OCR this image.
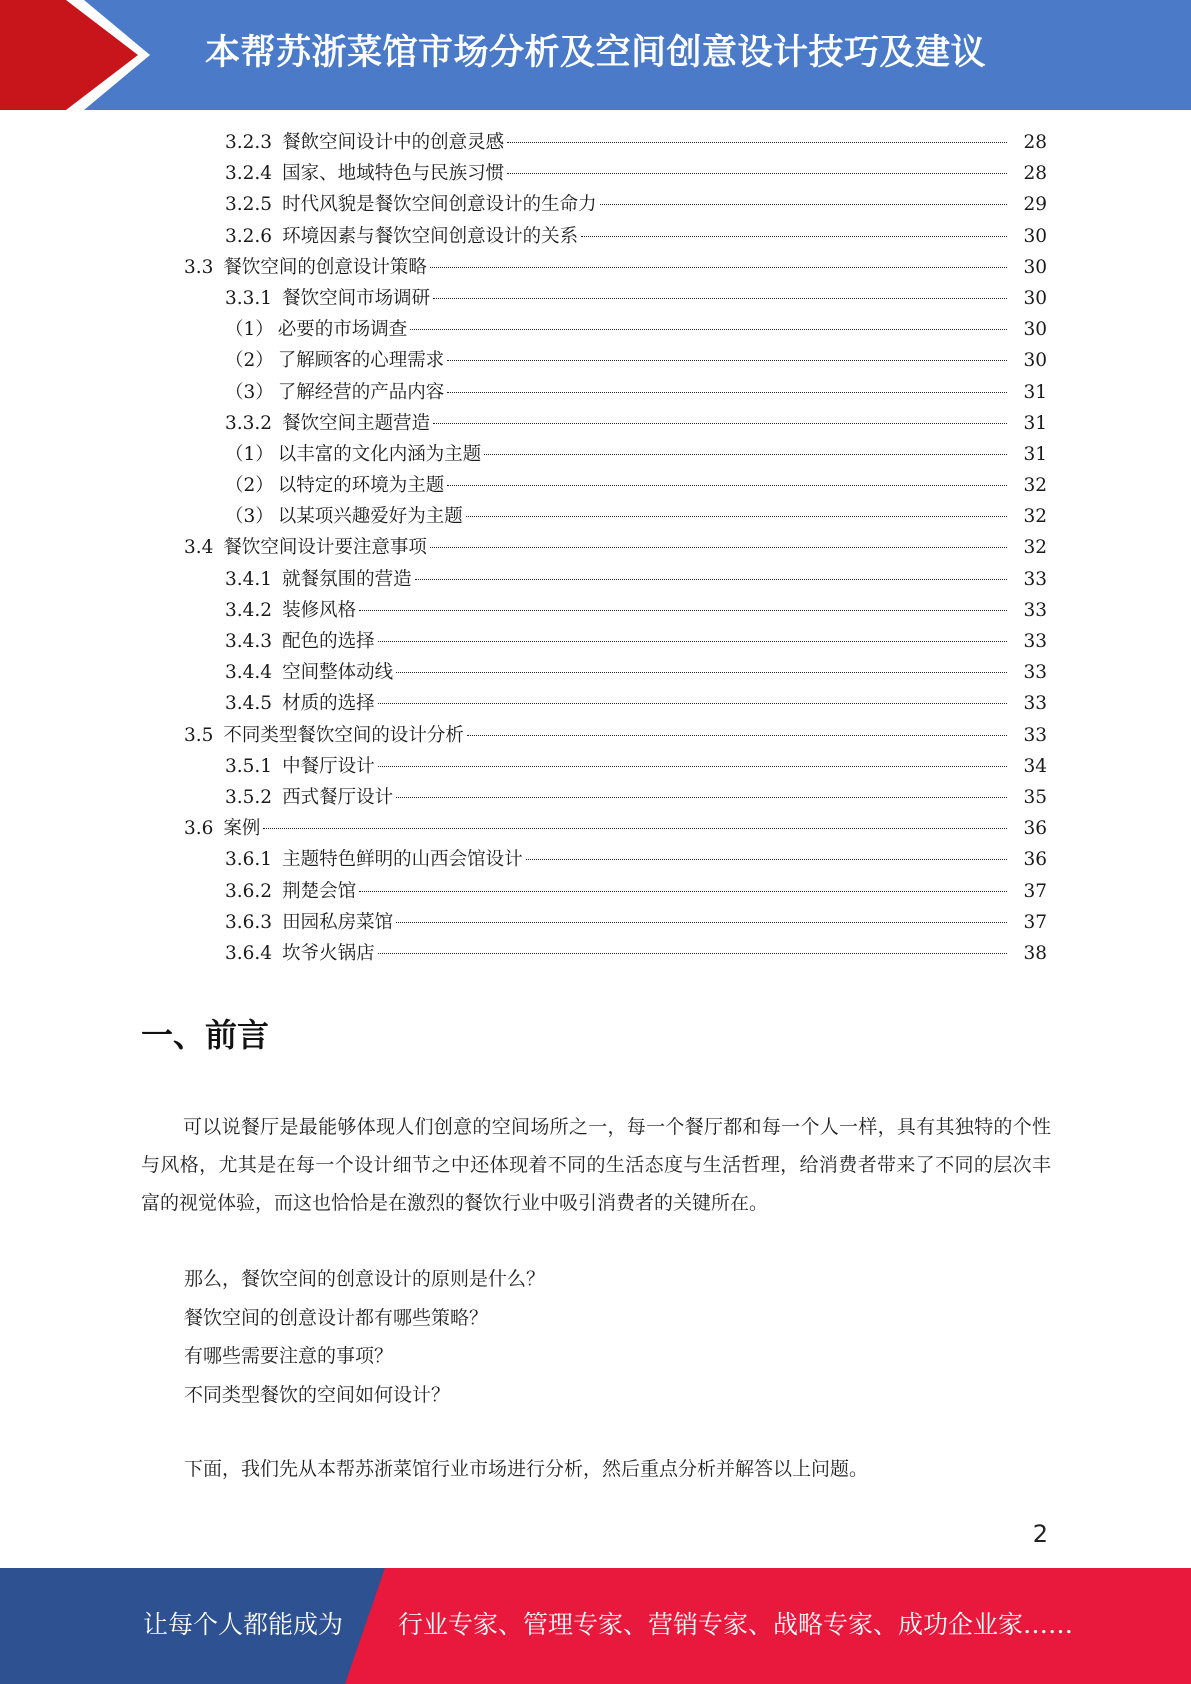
本帮苏浙菜馆市场分析及空间创意设计技巧及建议
3.2.3 餐飲空间设计中的创意灵感	28
3.2.4 国家、地域特色与民族习惯	28
3.2.5 时代风貌是餐饮空间创意设计的生命力	29
3.2.6 环境因素与餐饮空间创意设计的关系	30
3.3 餐饮空间的创意设计策略	30
3.3.1 餐饮空间市场调研	30
（1） 必要的市场调查	30
（2） 了解顾客的心理需求	30
（3） 了解经营的产品内容	31
3.3.2 餐饮空间主题营造	31
（1） 以丰富的文化内涵为主题	31
（2） 以特定的环境为主题	32
（3） 以某项兴趣爱好为主题	32
3.4 餐饮空间设计要注意事项	32
3.4.1 就餐氛围的营造	33
3.4.2 装修风格	33
3.4.3 配色的选择	33
3.4.4 空间整体动线	33
3.4.5 材质的选择	33
3.5 不同类型餐饮空间的设计分析	33
3.5.1 中餐厅设计	34
3.5.2 西式餐厅设计	35
3.6 案例	36
3.6.1 主题特色鲜明的山西会馆设计	36
3.6.2 荆楚会馆	37
3.6.3 田园私房菜馆	37
3.6.4 坎爷火锅店	38
一、前言
可以说餐厅是最能够体现人们创意的空间场所之一，每一个餐厅都和每一个人一样，具有其独特的个性与风格，尤其是在每一个设计细节之中还体现着不同的生活态度与生活哲理，给消费者带来了不同的层次丰富的视觉体验，而这也恰恰是在激烈的餐饮行业中吸引消费者的关键所在。
那么，餐饮空间的创意设计的原则是什么？
餐饮空间的创意设计都有哪些策略？
有哪些需要注意的事项？
不同类型餐饮的空间如何设计？
下面，我们先从本帮苏浙菜馆行业市场进行分析，然后重点分析并解答以上问题。
2
让每个人都能成为 行业专家、管理专家、营销专家、战略专家、成功企业家……
